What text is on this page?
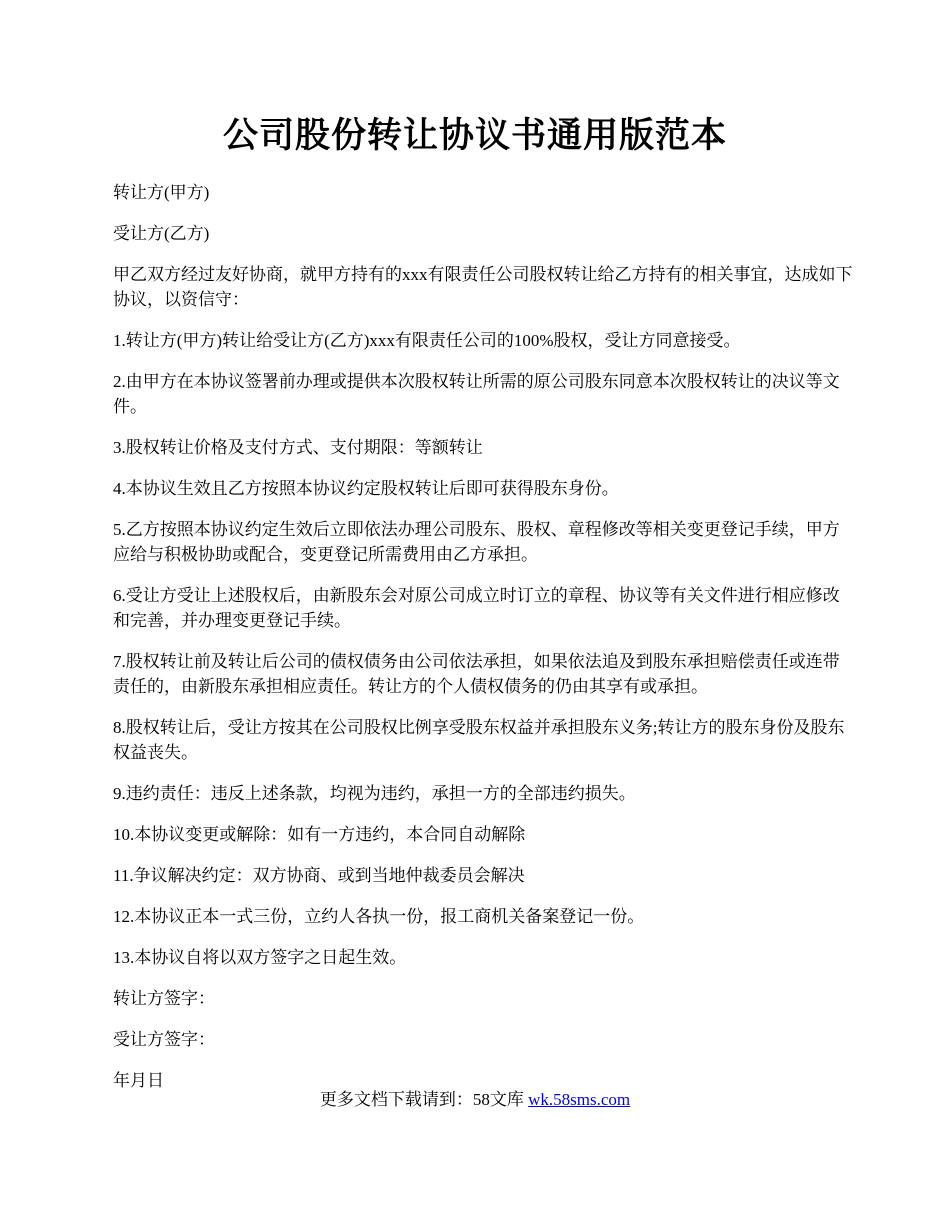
公司股份转让协议书通用版范本

转让方(甲方)

受让方(乙方)

甲乙双方经过友好协商，就甲方持有的xxx有限责任公司股权转让给乙方持有的相关事宜，达成如下协议，以资信守：

1.转让方(甲方)转让给受让方(乙方)xxx有限责任公司的100%股权，受让方同意接受。

2.由甲方在本协议签署前办理或提供本次股权转让所需的原公司股东同意本次股权转让的决议等文件。

3.股权转让价格及支付方式、支付期限：等额转让

4.本协议生效且乙方按照本协议约定股权转让后即可获得股东身份。

5.乙方按照本协议约定生效后立即依法办理公司股东、股权、章程修改等相关变更登记手续，甲方应给与积极协助或配合，变更登记所需费用由乙方承担。

6.受让方受让上述股权后，由新股东会对原公司成立时订立的章程、协议等有关文件进行相应修改和完善，并办理变更登记手续。

7.股权转让前及转让后公司的债权债务由公司依法承担，如果依法追及到股东承担赔偿责任或连带责任的，由新股东承担相应责任。转让方的个人债权债务的仍由其享有或承担。

8.股权转让后，受让方按其在公司股权比例享受股东权益并承担股东义务;转让方的股东身份及股东权益丧失。

9.违约责任：违反上述条款，均视为违约，承担一方的全部违约损失。

10.本协议变更或解除：如有一方违约，本合同自动解除

11.争议解决约定：双方协商、或到当地仲裁委员会解决

12.本协议正本一式三份，立约人各执一份，报工商机关备案登记一份。

13.本协议自将以双方签字之日起生效。

转让方签字：

受让方签字：

年月日

更多文档下载请到：58文库 wk.58sms.com
